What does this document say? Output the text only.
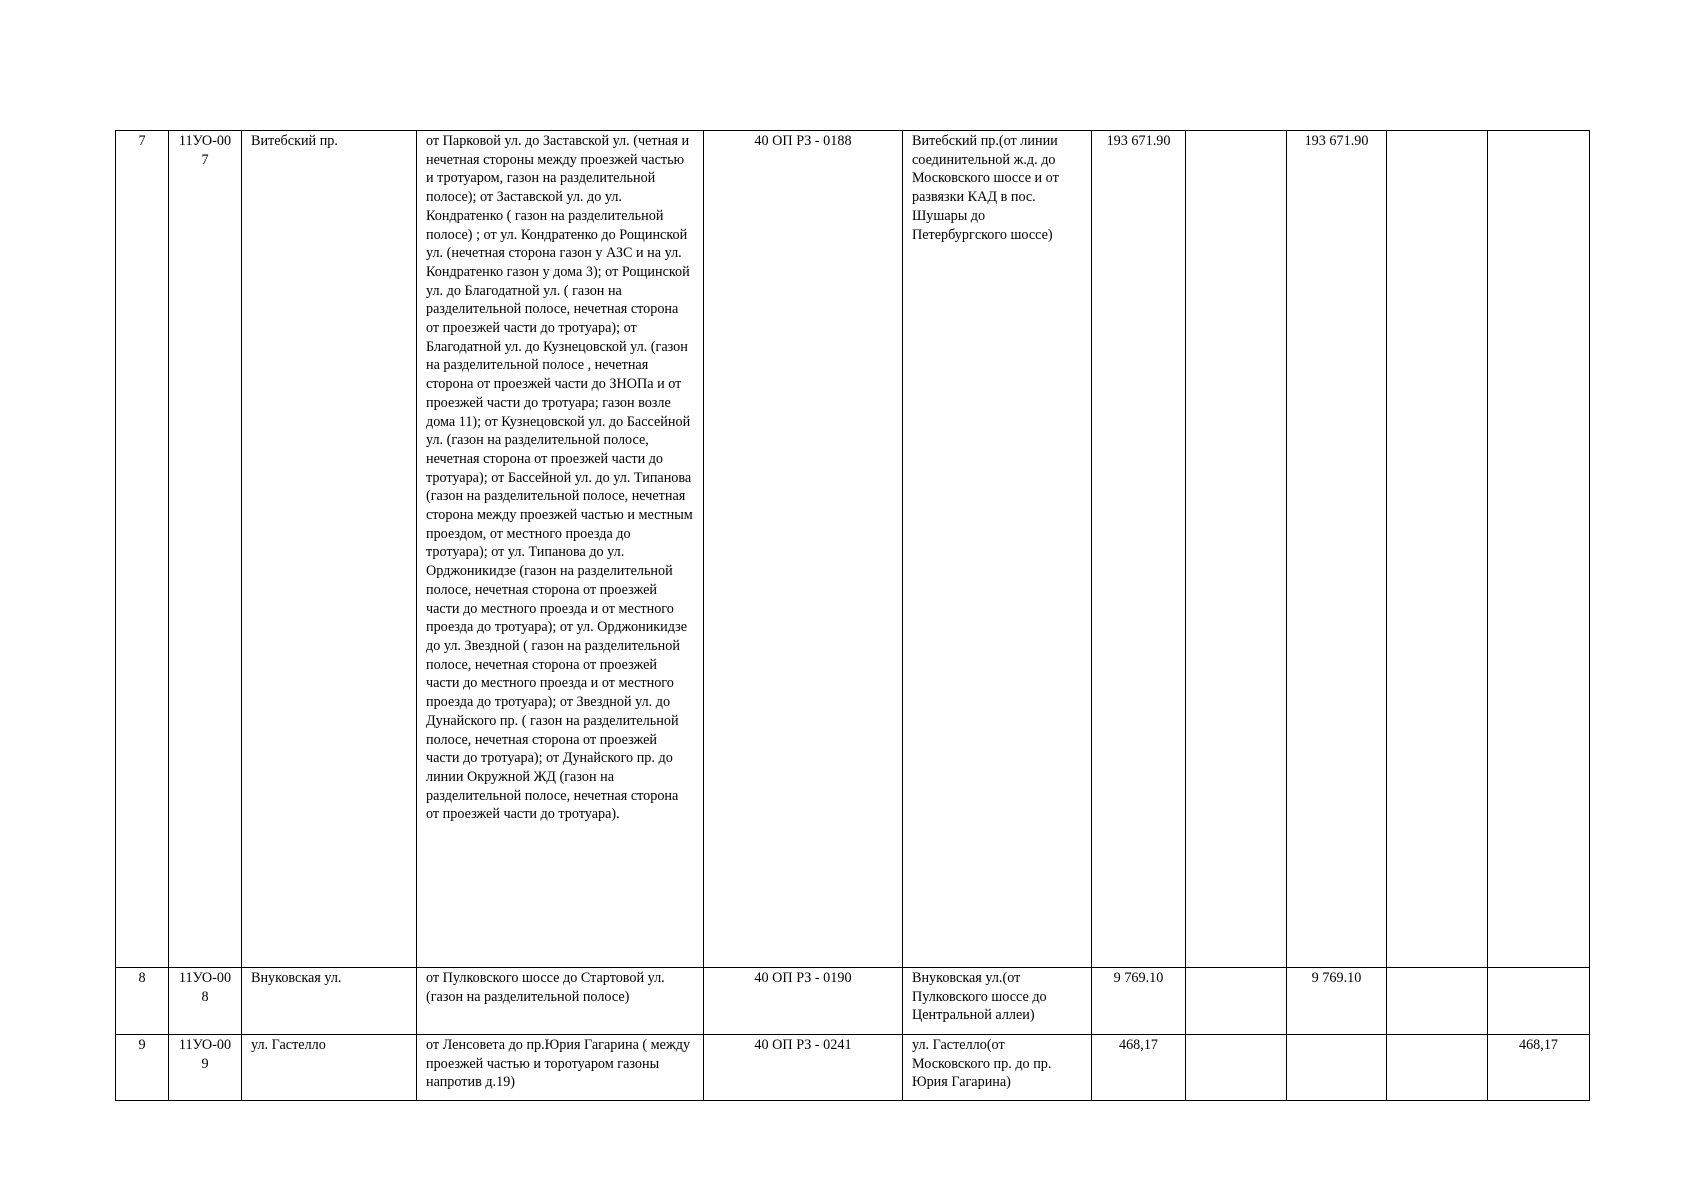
7	11УО-007	Витебский пр.	от Парковой ул. до Заставской ул. (четная и нечетная стороны между проезжей частью и тротуаром, газон на разделительной полосе); от Заставской ул. до ул. Кондратенко ( газон на разделительной полосе) ; от ул. Кондратенко до Рощинской ул. (нечетная сторона газон у АЗС и на ул. Кондратенко газон у дома 3); от Рощинской ул. до Благодатной ул. ( газон на разделительной полосе, нечетная сторона от проезжей части до тротуара); от Благодатной ул. до Кузнецовской ул. (газон на разделительной полосе , нечетная сторона от проезжей части до ЗНОПа и от проезжей части до тротуара; газон возле дома 11); от Кузнецовской ул. до Бассейной ул. (газон на разделительной полосе, нечетная сторона от проезжей части до тротуара); от Бассейной ул. до ул. Типанова (газон на разделительной полосе, нечетная сторона между проезжей частью и местным проездом, от местного проезда до тротуара); от ул. Типанова до ул. Орджоникидзе (газон на разделительной полосе, нечетная сторона от проезжей части до местного проезда и от местного проезда до тротуара); от ул. Орджоникидзе до ул. Звездной ( газон на разделительной полосе, нечетная сторона от проезжей части до местного проезда и от местного проезда до тротуара); от Звездной ул. до Дунайского пр. ( газон на разделительной полосе, нечетная сторона от проезжей части до тротуара); от Дунайского пр. до линии Окружной ЖД (газон на разделительной полосе, нечетная сторона от проезжей части до тротуара).	40 ОП РЗ - 0188	Витебский пр.(от линии соединительной ж.д. до Московского шоссе и от развязки КАД в пос. Шушары до Петербургского шоссе)	193 671.90		193 671.90		
8	11УО-008	Внуковская ул.	от Пулковского шоссе до Стартовой ул. (газон на разделительной полосе)	40 ОП РЗ - 0190	Внуковская ул.(от Пулковского шоссе до Центральной аллеи)	9 769.10		9 769.10		
9	11УО-009	ул. Гастелло	от Ленсовета до пр.Юрия Гагарина ( между проезжей частью и торотуаром газоны напротив д.19)	40 ОП РЗ - 0241	ул. Гастелло(от Московского пр. до пр. Юрия Гагарина)	468,17				468,17
